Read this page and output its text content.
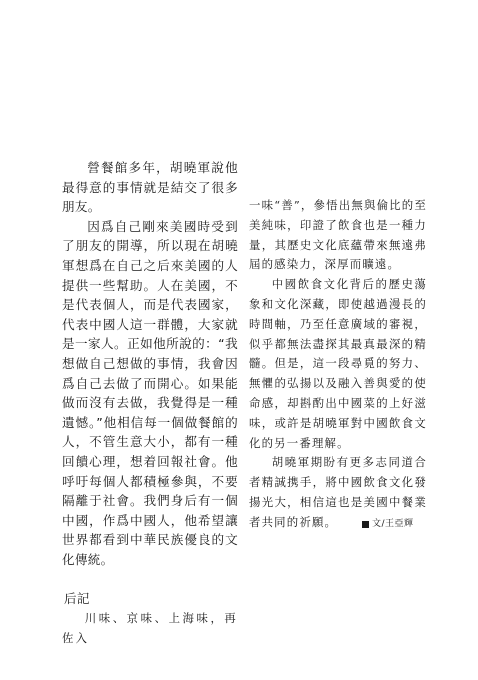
營餐館多年，胡曉軍說他最得意的事情就是結交了很多朋友。

因爲自己剛來美國時受到了朋友的開導，所以現在胡曉軍想爲在自己之后來美國的人提供一些幫助。人在美國，不是代表個人，而是代表國家，代表中國人這一群體，大家就是一家人。正如他所說的：“我想做自己想做的事情，我會因爲自己去做了而開心。如果能做而沒有去做，我覺得是一種遺憾。”他相信每一個做餐館的人，不管生意大小，都有一種回饋心理，想着回報社會。他呼吁每個人都積極參與，不要隔離于社會。我們身后有一個中國，作爲中國人，他希望讓世界都看到中華民族優良的文化傳統。

后記

川味、京味、上海味，再佐入

一味“善”，參悟出無與倫比的至美純味，印證了飲食也是一種力量，其歷史文化底蘊帶來無遠弗屆的感染力，深厚而曠遠。

中國飲食文化背后的歷史蕩象和文化深藏，即使越過漫長的時間軸，乃至任意廣域的審視，似乎都無法盡探其最真最深的精髓。但是，這一段尋覓的努力、無懼的弘揚以及融入善與愛的使命感，却斟酌出中國菜的上好滋味，或許是胡曉軍對中國飲食文化的另一番理解。

胡曉軍期盼有更多志同道合者精誠携手，將中國飲食文化發揚光大，相信這也是美國中餐業者共同的祈願。	文/王亞輝
